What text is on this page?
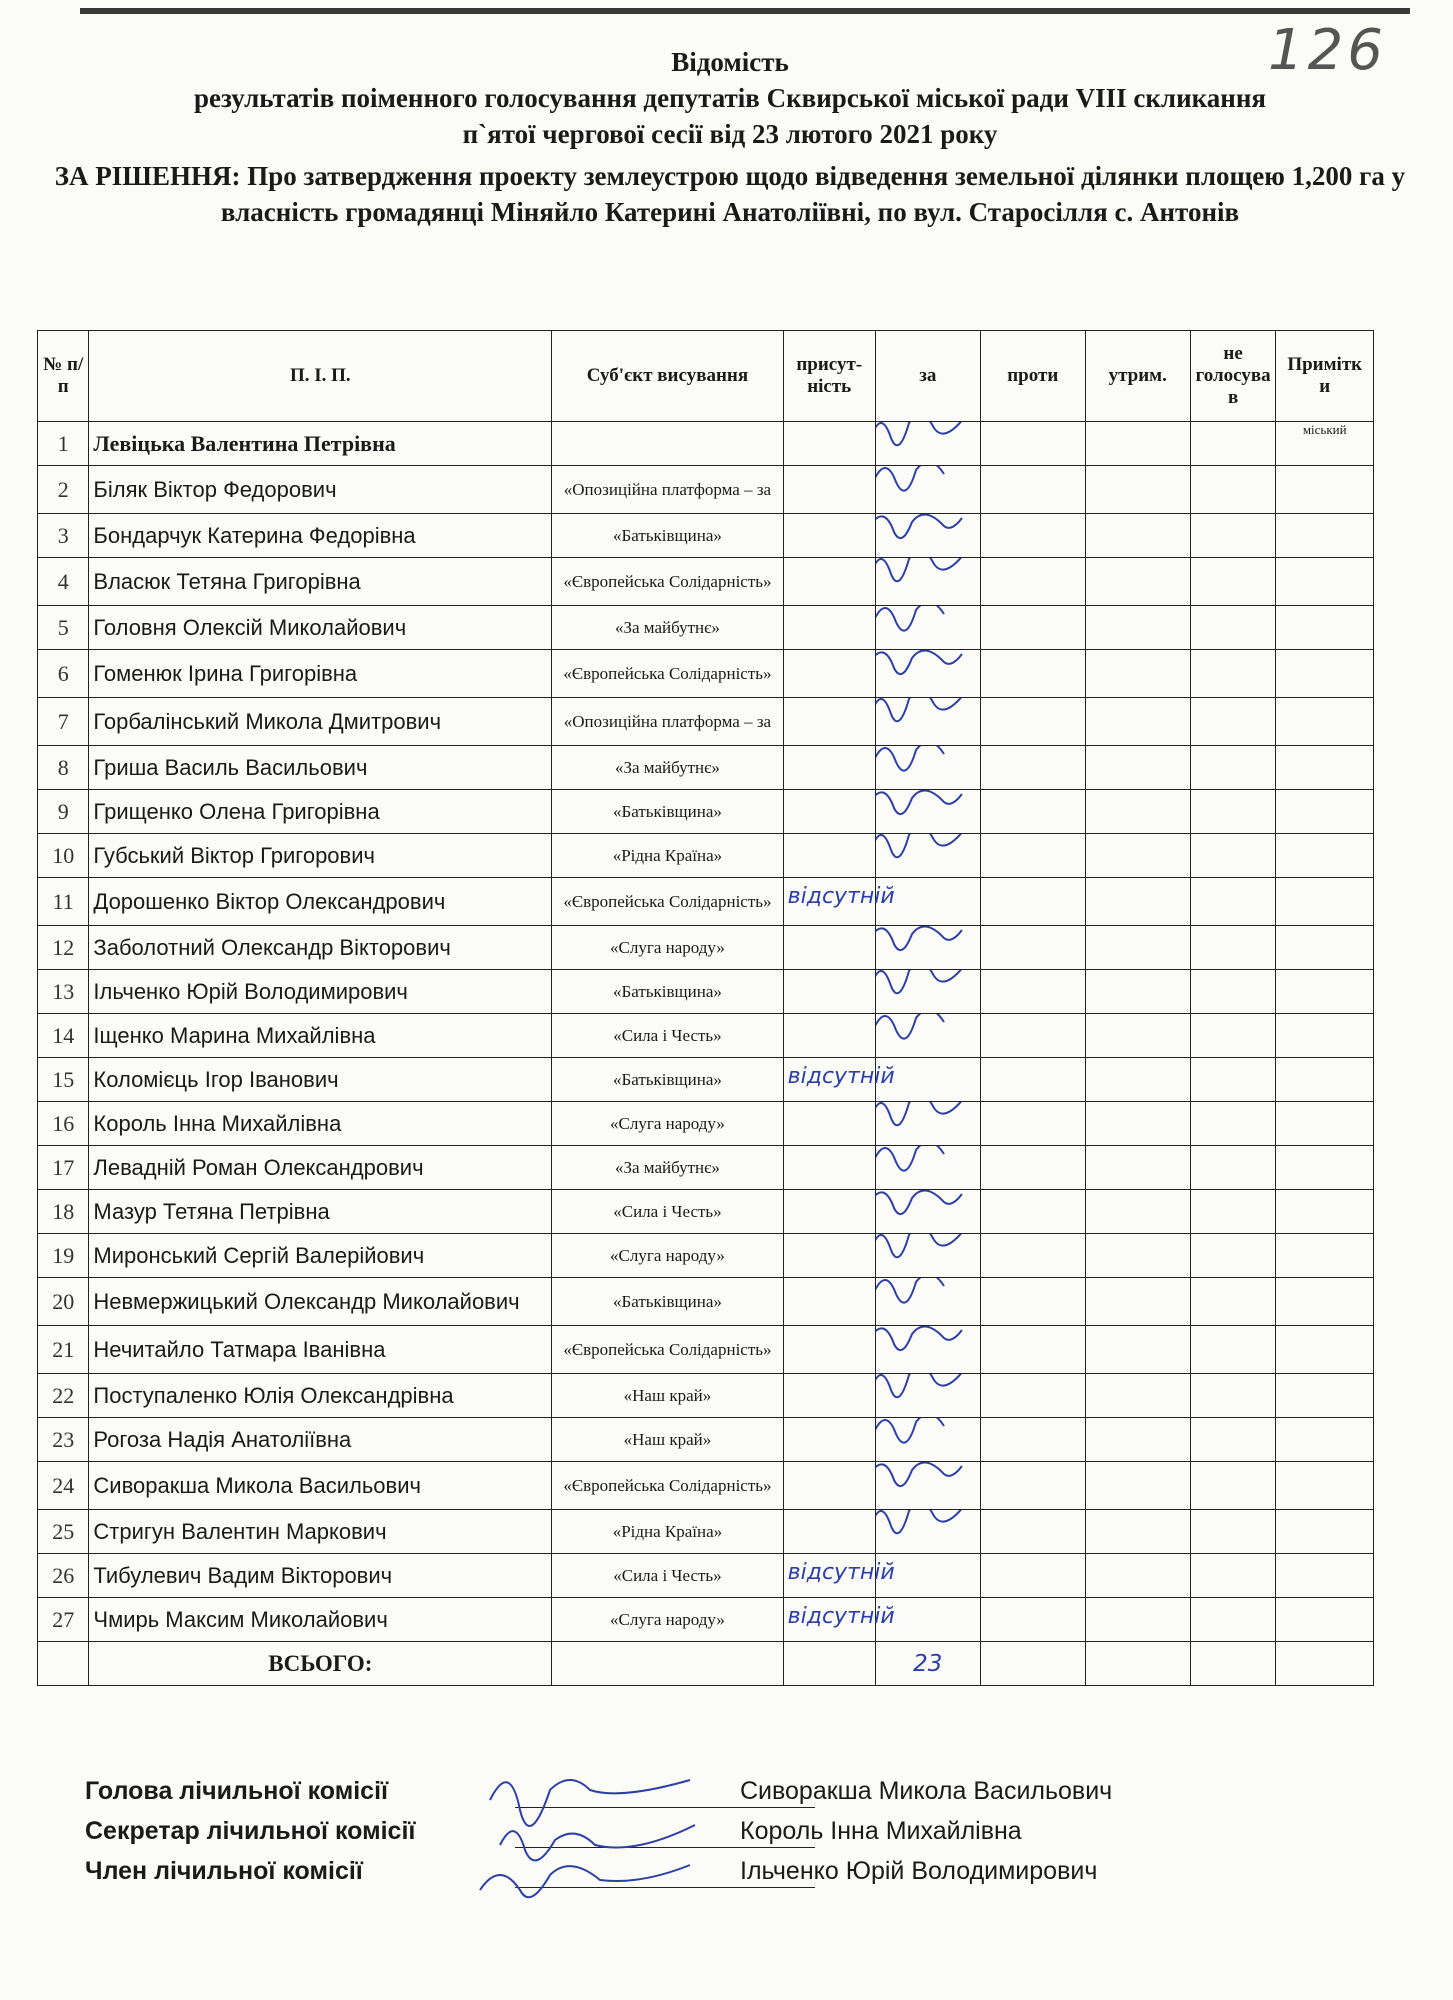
126
Відомість
результатів поіменного голосування депутатів Сквирської міської ради VIII скликання
п`ятої чергової сесії від 23 лютого 2021 року
ЗА РІШЕННЯ: Про затвердження проекту землеустрою щодо відведення земельної ділянки площею 1,200 га у власність громадянці Міняйло Катерині Анатоліївні, по вул. Старосілля с. Антонів
№ п/п	П. І. П.	Суб'єкт висування	присут-ність	за	проти	утрим.	не голосува в	Примітк и
1	Левіцька Валентина Петрівна							міський
2	Біляк Віктор Федорович	«Опозиційна платформа – за		

3	Бондарчук Катерина Федорівна	«Батьківщина»		

4	Власюк Тетяна Григорівна	«Європейська Солідарність»		

5	Головня Олексій Миколайович	«За майбутнє»		

6	Гоменюк Ірина Григорівна	«Європейська Солідарність»		

7	Горбалінський Микола Дмитрович	«Опозиційна платформа – за		

8	Гриша Василь Васильович	«За майбутнє»		

9	Грищенко Олена Григорівна	«Батьківщина»		

10	Губський Віктор Григорович	«Рідна Країна»		

11	Дорошенко Віктор Олександрович	«Європейська Солідарність»	відсутній					

12	Заболотний Олександр Вікторович	«Слуга народу»		

13	Ільченко Юрій Володимирович	«Батьківщина»		

14	Іщенко Марина Михайлівна	«Сила і Честь»		

15	Коломієць Ігор Іванович	«Батьківщина»	відсутній					

16	Король Інна Михайлівна	«Слуга народу»		

17	Левадній Роман Олександрович	«За майбутнє»		

18	Мазур Тетяна Петрівна	«Сила і Честь»		

19	Миронський Сергій Валерійович	«Слуга народу»		

20	Невмержицький Олександр Миколайович	«Батьківщина»		

21	Нечитайло Татмара Іванівна	«Європейська Солідарність»		

22	Поступаленко Юлія Олександрівна	«Наш край»		

23	Рогоза Надія Анатоліївна	«Наш край»		

24	Сиворакша Микола Васильович	«Європейська Солідарність»		

25	Стригун Валентин Маркович	«Рідна Країна»		

26	Тибулевич Вадим Вікторович	«Сила і Честь»	відсутній					

27	Чмирь Максим Миколайович	«Слуга народу»	відсутній					

	ВСЬОГО:			23				
Голова лічильної комісії	Сиворакша Микола Васильович
Секретар лічильної комісії	Король Інна Михайлівна
Член лічильної комісії	Ільченко Юрій Володимирович
